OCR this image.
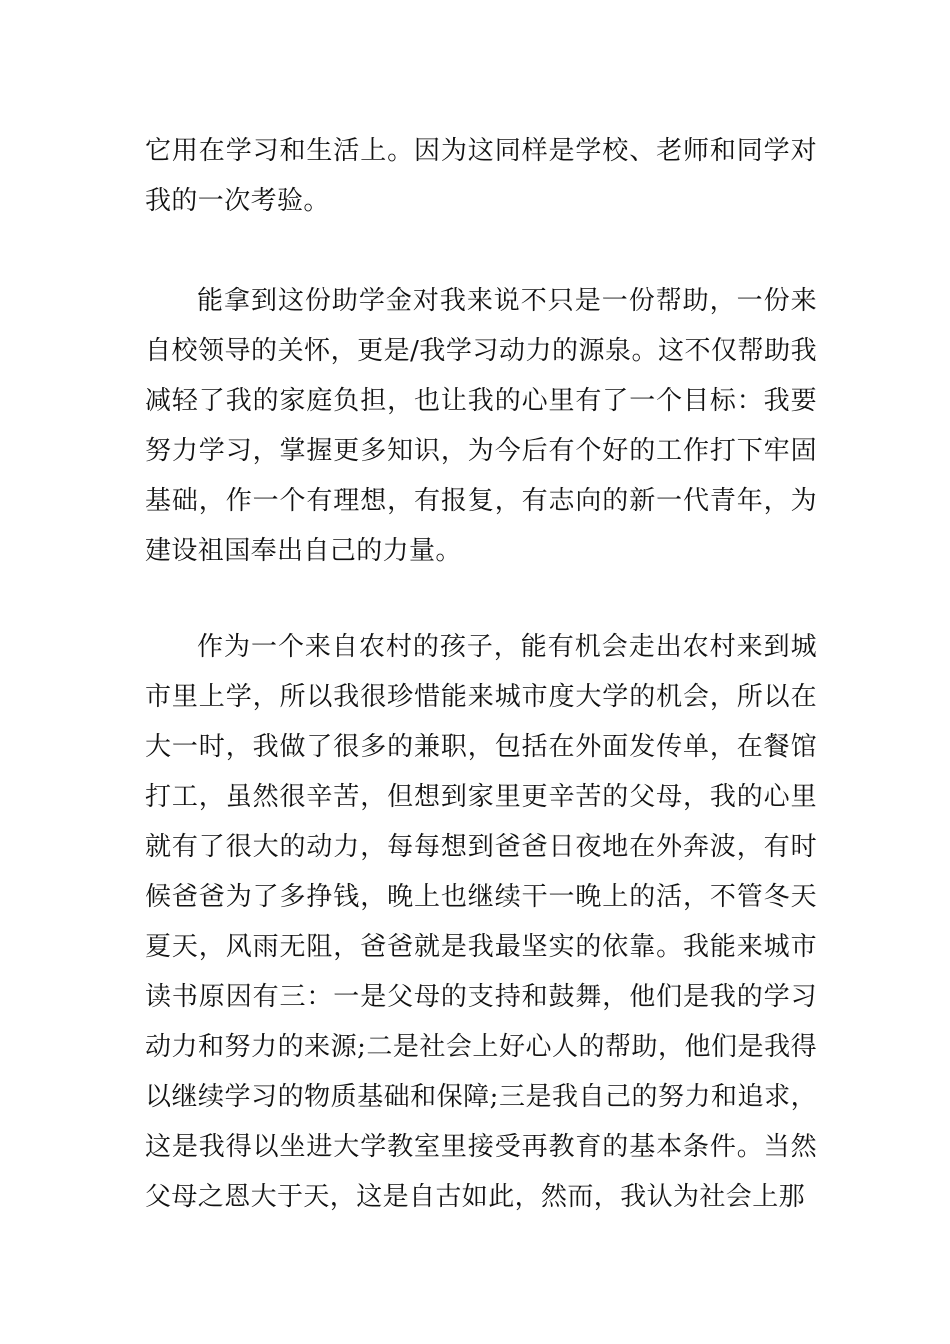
它用在学习和生活上。因为这同样是学校、老师和同学对我的一次考验。

能拿到这份助学金对我来说不只是一份帮助，一份来自校领导的关怀，更是/我学习动力的源泉。这不仅帮助我减轻了我的家庭负担，也让我的心里有了一个目标：我要努力学习，掌握更多知识，为今后有个好的工作打下牢固基础，作一个有理想，有报复，有志向的新一代青年，为建设祖国奉出自己的力量。

作为一个来自农村的孩子，能有机会走出农村来到城市里上学，所以我很珍惜能来城市度大学的机会，所以在大一时，我做了很多的兼职，包括在外面发传单，在餐馆打工，虽然很辛苦，但想到家里更辛苦的父母，我的心里就有了很大的动力，每每想到爸爸日夜地在外奔波，有时候爸爸为了多挣钱，晚上也继续干一晚上的活，不管冬天夏天，风雨无阻，爸爸就是我最坚实的依靠。我能来城市读书原因有三：一是父母的支持和鼓舞，他们是我的学习动力和努力的来源;二是社会上好心人的帮助，他们是我得以继续学习的物质基础和保障;三是我自己的努力和追求，这是我得以坐进大学教室里接受再教育的基本条件。当然父母之恩大于天，这是自古如此，然而，我认为社会上那
